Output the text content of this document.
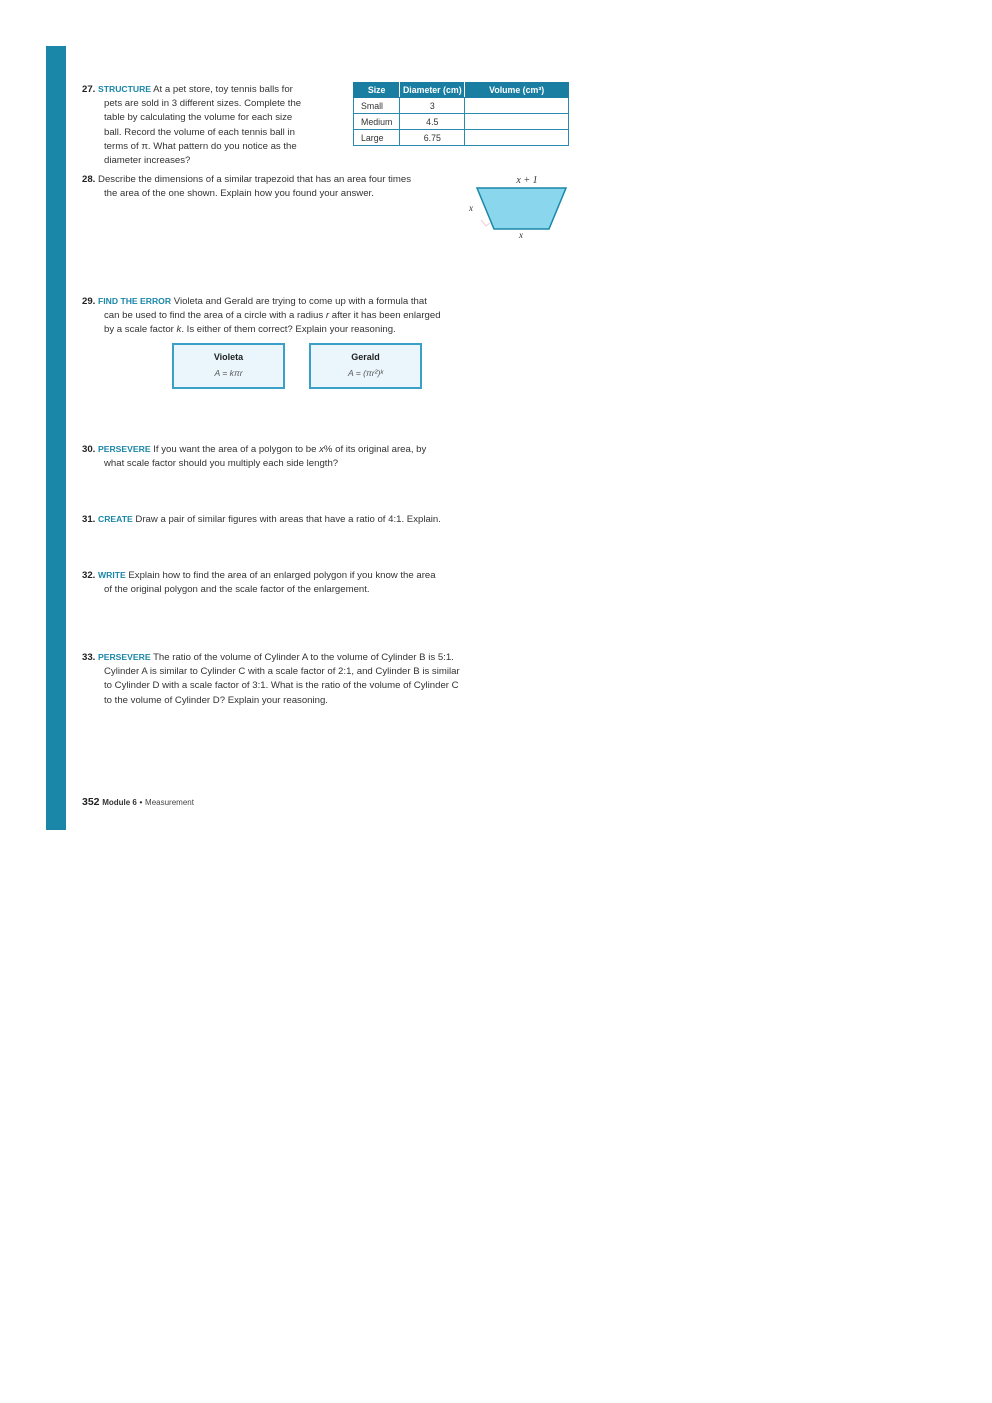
27. STRUCTURE At a pet store, toy tennis balls for
pets are sold in 3 different sizes. Complete the
table by calculating the volume for each size
ball. Record the volume of each tennis ball in
terms of π. What pattern do you notice as the
diameter increases?
Size	Diameter (cm)	Volume (cm³)
Small	3	
Medium	4.5	
Large	6.75	
28. Describe the dimensions of a similar trapezoid that has an area four times
the area of the one shown. Explain how you found your answer.
x + 1
x
x
29. FIND THE ERROR Violeta and Gerald are trying to come up with a formula that
can be used to find the area of a circle with a radius r after it has been enlarged
by a scale factor k. Is either of them correct? Explain your reasoning.
Violeta
A = kπr
Gerald
A = (πr²)ᵏ
30. PERSEVERE If you want the area of a polygon to be x% of its original area, by
what scale factor should you multiply each side length?
31. CREATE Draw a pair of similar figures with areas that have a ratio of 4:1. Explain.
32. WRITE Explain how to find the area of an enlarged polygon if you know the area
of the original polygon and the scale factor of the enlargement.
33. PERSEVERE The ratio of the volume of Cylinder A to the volume of Cylinder B is 5:1.
Cylinder A is similar to Cylinder C with a scale factor of 2:1, and Cylinder B is similar
to Cylinder D with a scale factor of 3:1. What is the ratio of the volume of Cylinder C
to the volume of Cylinder D? Explain your reasoning.
352 Module 6 • Measurement
